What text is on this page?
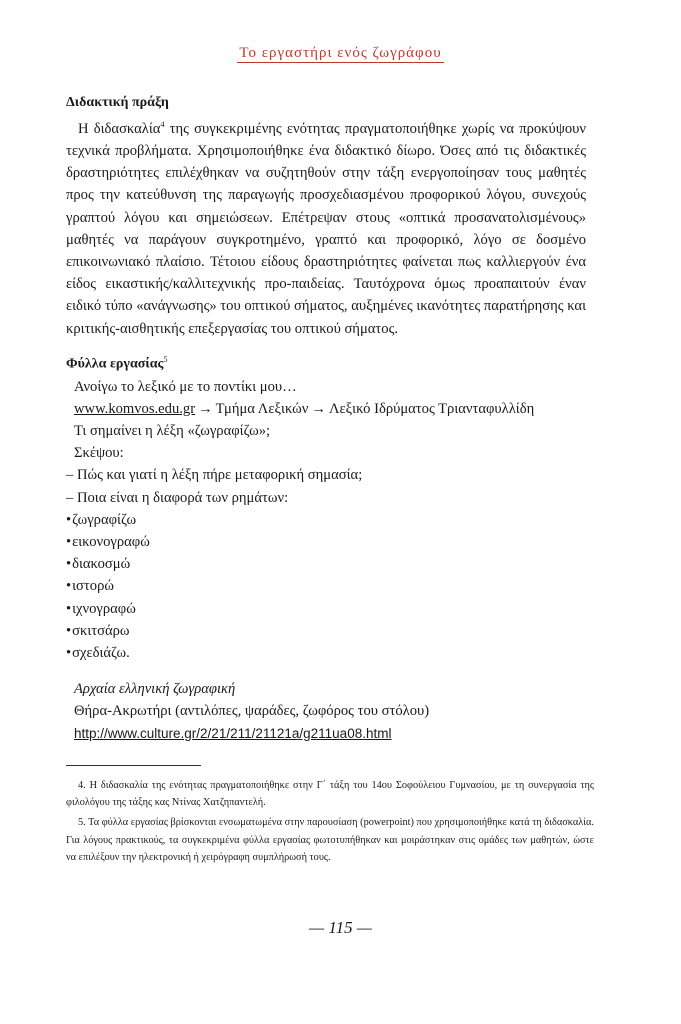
Το εργαστήρι ενός ζωγράφου

Διδακτική πράξη

Η διδασκαλία$^4$ της συγκεκριμένης ενότητας πραγματοποιήθηκε χωρίς να προκύψουν τεχνικά προβλήματα. Χρησιμοποιήθηκε ένα διδακτικό δίωρο. Όσες από τις διδακτικές δραστηριότητες επιλέχθηκαν να συζητηθούν στην τάξη ενεργοποίησαν τους μαθητές προς την κατεύθυνση της παραγωγής προσχεδιασμένου προφορικού λόγου, συνεχούς γραπτού λόγου και σημειώσεων. Επέτρεψαν στους «οπτικά προσανατολισμένους» μαθητές να παράγουν συγκροτημένο, γραπτό και προφορικό, λόγο σε δοσμένο επικοινωνιακό πλαίσιο. Τέτοιου είδους δραστηριότητες φαίνεται πως καλλιεργούν ένα είδος εικαστικής/καλλιτεχνικής προ-παιδείας. Ταυτόχρονα όμως προαπαιτούν έναν ειδικό τύπο «ανάγνωσης» του οπτικού σήματος, αυξημένες ικανότητες παρατήρησης και κριτικής-αισθητικής επεξεργασίας του οπτικού σήματος.

Φύλλα εργασίας$^5$

Ανοίγω το λεξικό με το ποντίκι μου…

www.komvos.edu.gr → Τμήμα Λεξικών → Λεξικό Ιδρύματος Τριανταφυλλίδη

Τι σημαίνει η λέξη «ζωγραφίζω»;

Σκέψου:

– Πώς και γιατί η λέξη πήρε μεταφορική σημασία;

– Ποια είναι η διαφορά των ρημάτων:

• ζωγραφίζω
• εικονογραφώ
• διακοσμώ
• ιστορώ
• ιχνογραφώ
• σκιτσάρω
• σχεδιάζω.

Αρχαία ελληνική ζωγραφική

Θήρα-Ακρωτήρι (αντιλόπες, ψαράδες, ζωφόρος του στόλου)

http://www.culture.gr/2/21/211/21121a/g211ua08.html

4. Η διδασκαλία της ενότητας πραγματοποιήθηκε στην Γ΄ τάξη του 14ου Σοφούλειου Γυμνασίου, με τη συνεργασία της φιλολόγου της τάξης κας Ντίνας Χατζηπαντελή.

5. Τα φύλλα εργασίας βρίσκονται ενσωματωμένα στην παρουσίαση (powerpoint) που χρησιμοποιήθηκε κατά τη διδασκαλία. Για λόγους πρακτικούς, τα συγκεκριμένα φύλλα εργασίας φωτοτυπήθηκαν και μοιράστηκαν στις ομάδες των μαθητών, ώστε να επιλέξουν την ηλεκτρονική ή χειρόγραφη συμπλήρωσή τους.

— 115 —
